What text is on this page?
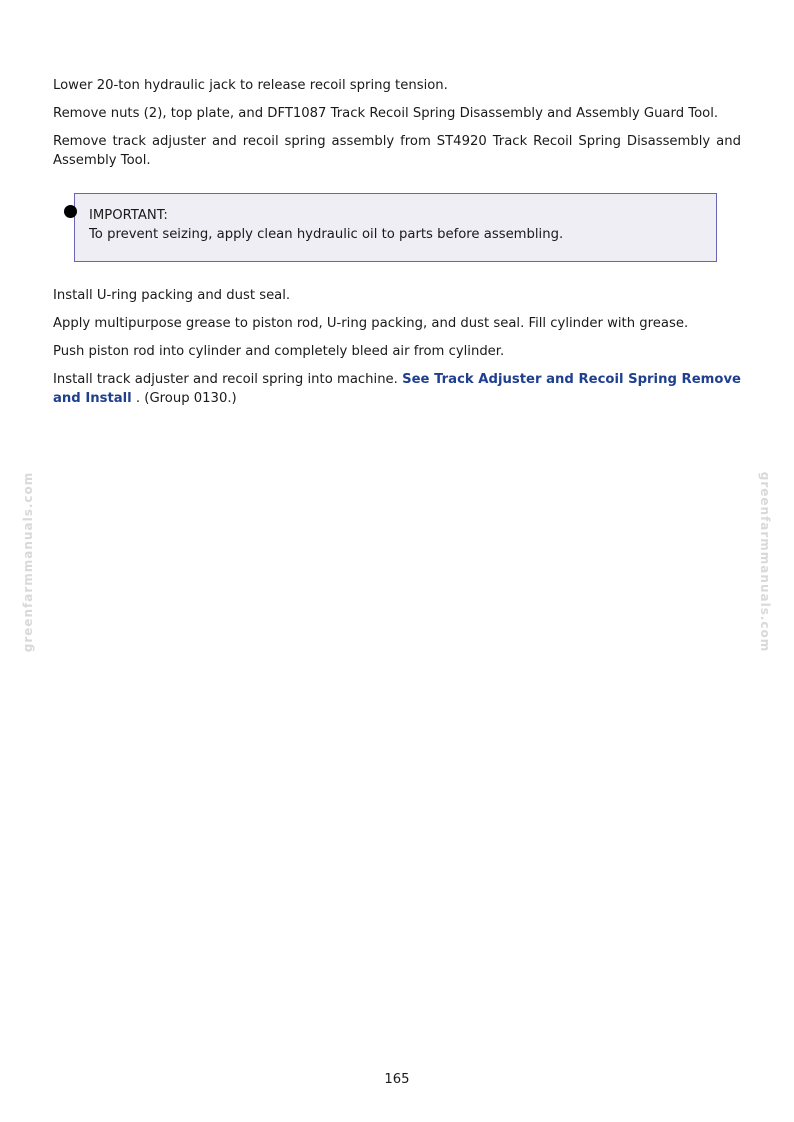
Lower 20-ton hydraulic jack to release recoil spring tension.

Remove nuts (2), top plate, and DFT1087 Track Recoil Spring Disassembly and Assembly Guard Tool.

Remove track adjuster and recoil spring assembly from ST4920 Track Recoil Spring Disassembly and Assembly Tool.

IMPORTANT:
To prevent seizing, apply clean hydraulic oil to parts before assembling.

Install U-ring packing and dust seal.

Apply multipurpose grease to piston rod, U-ring packing, and dust seal. Fill cylinder with grease.

Push piston rod into cylinder and completely bleed air from cylinder.

Install track adjuster and recoil spring into machine. See Track Adjuster and Recoil Spring Remove and Install . (Group 0130.)

greenfarmmanuals.com	greenfarmmanuals.com
165
